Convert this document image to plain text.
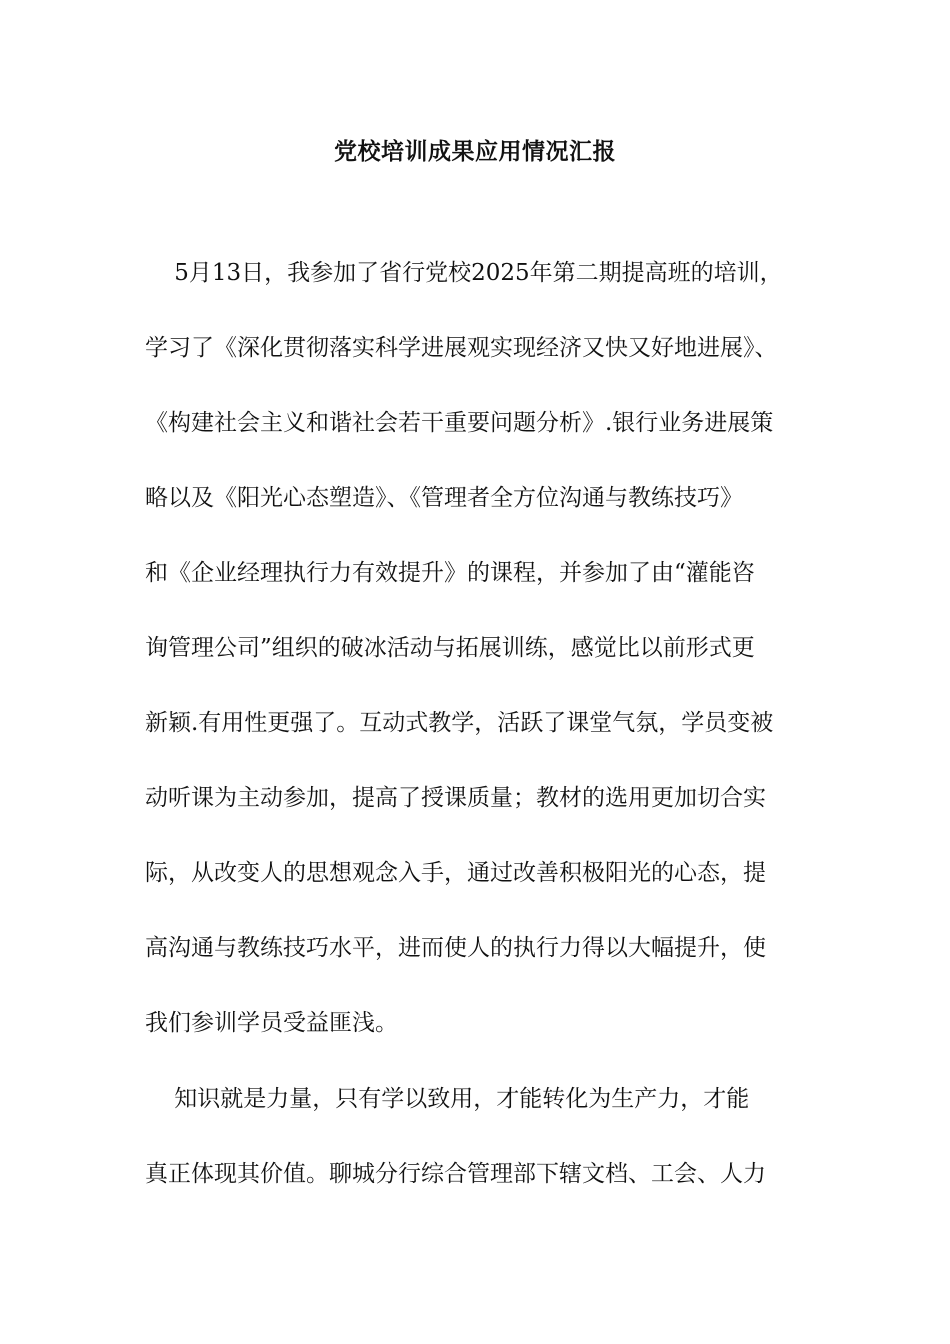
党校培训成果应用情况汇报
5月13日，我参加了省行党校2025年第二期提高班的培训，
学习了《深化贯彻落实科学进展观实现经济又快又好地进展》、
《构建社会主义和谐社会若干重要问题分析》.银行业务进展策
略以及《阳光心态塑造》、《管理者全方位沟通与教练技巧》
和《企业经理执行力有效提升》的课程，并参加了由“灌能咨
询管理公司”组织的破冰活动与拓展训练，感觉比以前形式更
新颖.有用性更强了。互动式教学，活跃了课堂气氛，学员变被
动听课为主动参加，提高了授课质量；教材的选用更加切合实
际，从改变人的思想观念入手，通过改善积极阳光的心态，提
高沟通与教练技巧水平，进而使人的执行力得以大幅提升，使
我们参训学员受益匪浅。
知识就是力量，只有学以致用，才能转化为生产力，才能
真正体现其价值。聊城分行综合管理部下辖文档、工会、人力
